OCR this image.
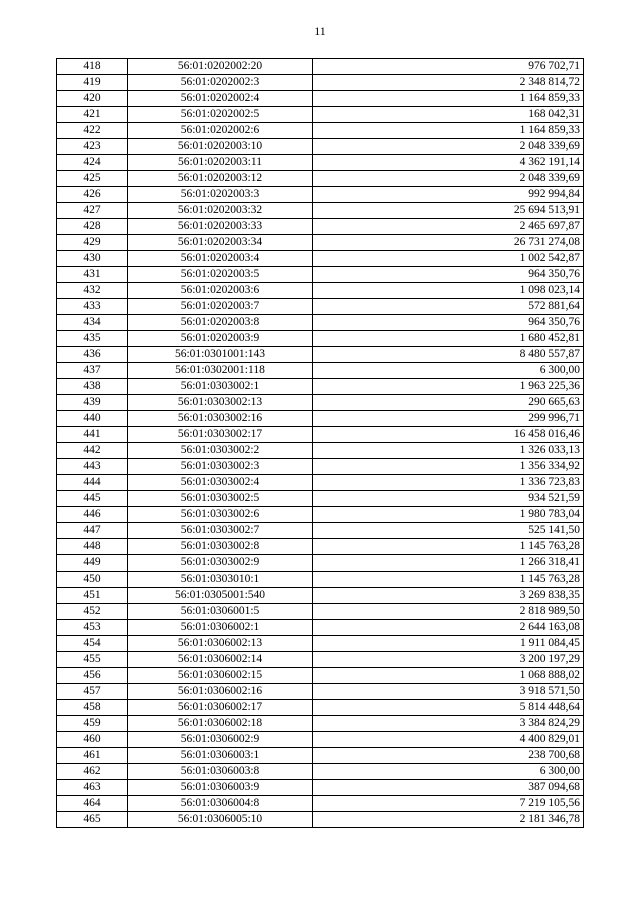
11
418	56:01:0202002:20	976 702,71
419	56:01:0202002:3	2 348 814,72
420	56:01:0202002:4	1 164 859,33
421	56:01:0202002:5	168 042,31
422	56:01:0202002:6	1 164 859,33
423	56:01:0202003:10	2 048 339,69
424	56:01:0202003:11	4 362 191,14
425	56:01:0202003:12	2 048 339,69
426	56:01:0202003:3	992 994,84
427	56:01:0202003:32	25 694 513,91
428	56:01:0202003:33	2 465 697,87
429	56:01:0202003:34	26 731 274,08
430	56:01:0202003:4	1 002 542,87
431	56:01:0202003:5	964 350,76
432	56:01:0202003:6	1 098 023,14
433	56:01:0202003:7	572 881,64
434	56:01:0202003:8	964 350,76
435	56:01:0202003:9	1 680 452,81
436	56:01:0301001:143	8 480 557,87
437	56:01:0302001:118	6 300,00
438	56:01:0303002:1	1 963 225,36
439	56:01:0303002:13	290 665,63
440	56:01:0303002:16	299 996,71
441	56:01:0303002:17	16 458 016,46
442	56:01:0303002:2	1 326 033,13
443	56:01:0303002:3	1 356 334,92
444	56:01:0303002:4	1 336 723,83
445	56:01:0303002:5	934 521,59
446	56:01:0303002:6	1 980 783,04
447	56:01:0303002:7	525 141,50
448	56:01:0303002:8	1 145 763,28
449	56:01:0303002:9	1 266 318,41
450	56:01:0303010:1	1 145 763,28
451	56:01:0305001:540	3 269 838,35
452	56:01:0306001:5	2 818 989,50
453	56:01:0306002:1	2 644 163,08
454	56:01:0306002:13	1 911 084,45
455	56:01:0306002:14	3 200 197,29
456	56:01:0306002:15	1 068 888,02
457	56:01:0306002:16	3 918 571,50
458	56:01:0306002:17	5 814 448,64
459	56:01:0306002:18	3 384 824,29
460	56:01:0306002:9	4 400 829,01
461	56:01:0306003:1	238 700,68
462	56:01:0306003:8	6 300,00
463	56:01:0306003:9	387 094,68
464	56:01:0306004:8	7 219 105,56
465	56:01:0306005:10	2 181 346,78
